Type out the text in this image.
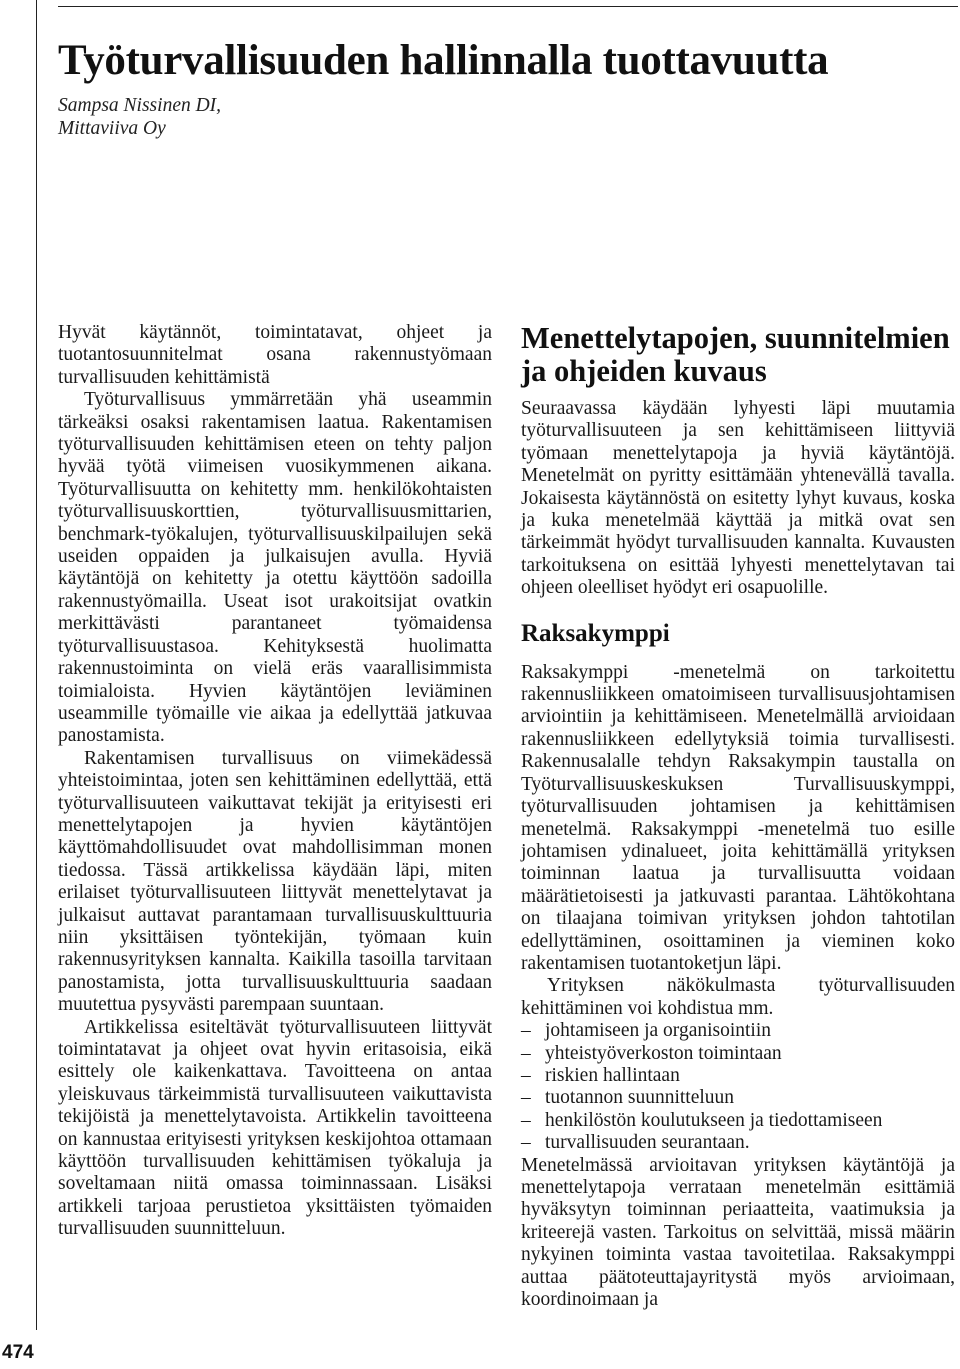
474
Työturvallisuuden hallinnalla tuottavuutta
Sampsa Nissinen DI,
Mittaviiva Oy

Hyvät käytännöt, toimintatavat, ohjeet ja tuotantosuunnitelmat osana rakennustyömaan turvallisuuden kehittämistä

Työturvallisuus ymmärretään yhä useammin tärkeäksi osaksi rakentamisen laatua. Rakentamisen työturvallisuuden kehittämisen eteen on tehty paljon hyvää työtä viimeisen vuosikymmenen aikana. Työturvallisuutta on kehitetty mm. henkilökohtaisten työturvallisuuskorttien, työturvallisuusmittarien, benchmark-työkalujen, työturvallisuuskilpailujen sekä useiden oppaiden ja julkaisujen avulla. Hyviä käytäntöjä on kehitetty ja otettu käyttöön sadoilla rakennustyömailla. Useat isot urakoitsijat ovatkin merkittävästi parantaneet työmaidensa työturvallisuustasoa. Kehityksestä huolimatta rakennustoiminta on vielä eräs vaarallisimmista toimialoista. Hyvien käytäntöjen leviäminen useammille työmaille vie aikaa ja edellyttää jatkuvaa panostamista.

Rakentamisen turvallisuus on viimekädessä yhteistoimintaa, joten sen kehittäminen edellyttää, että työturvallisuuteen vaikuttavat tekijät ja erityisesti eri menettelytapojen ja hyvien käytäntöjen käyttömahdollisuudet ovat mahdollisimman monen tiedossa. Tässä artikkelissa käydään läpi, miten erilaiset työturvallisuuteen liittyvät menettelytavat ja julkaisut auttavat parantamaan turvallisuuskulttuuria niin yksittäisen työntekijän, työmaan kuin rakennusyrityksen kannalta. Kaikilla tasoilla tarvitaan panostamista, jotta turvallisuuskulttuuria saadaan muutettua pysyvästi parempaan suuntaan.

Artikkelissa esiteltävät työturvallisuuteen liittyvät toimintatavat ja ohjeet ovat hyvin eritasoisia, eikä esittely ole kaikenkattava. Tavoitteena on antaa yleiskuvaus tärkeimmistä turvallisuuteen vaikuttavista tekijöistä ja menettelytavoista. Artikkelin tavoitteena on kannustaa erityisesti yrityksen keskijohtoa ottamaan käyttöön turvallisuuden kehittämisen työkaluja ja soveltamaan niitä omassa toiminnassaan. Lisäksi artikkeli tarjoaa perustietoa yksittäisten työmaiden turvallisuuden suunnitteluun.

Menettelytapojen, suunnitelmien ja ohjeiden kuvaus

Seuraavassa käydään lyhyesti läpi muutamia työturvallisuuteen ja sen kehittämiseen liittyviä työmaan menettelytapoja ja hyviä käytäntöjä. Menetelmät on pyritty esittämään yhtenevällä tavalla. Jokaisesta käytännöstä on esitetty lyhyt kuvaus, koska ja kuka menetelmää käyttää ja mitkä ovat sen tärkeimmät hyödyt turvallisuuden kannalta. Kuvausten tarkoituksena on esittää lyhyesti menettelytavan tai ohjeen oleelliset hyödyt eri osapuolille.

Raksakymppi

Raksakymppi -menetelmä on tarkoitettu rakennusliikkeen omatoimiseen turvallisuusjohtamisen arviointiin ja kehittämiseen. Menetelmällä arvioidaan rakennusliikkeen edellytyksiä toimia turvallisesti. Rakennusalalle tehdyn Raksakympin taustalla on Työturvallisuuskeskuksen Turvallisuuskymppi, työturvallisuuden johtamisen ja kehittämisen menetelmä. Raksakymppi -menetelmä tuo esille johtamisen ydinalueet, joita kehittämällä yrityksen toiminnan laatua ja turvallisuutta voidaan määrätietoisesti ja jatkuvasti parantaa. Lähtökohtana on tilaajana toimivan yrityksen johdon tahtotilan edellyttäminen, osoittaminen ja vieminen koko rakentamisen tuotantoketjun läpi.

Yrityksen näkökulmasta työturvallisuuden kehittäminen voi kohdistua mm.

– johtamiseen ja organisointiin
– yhteistyöverkoston toimintaan
– riskien hallintaan
– tuotannon suunnitteluun
– henkilöstön koulutukseen ja tiedottamiseen
– turvallisuuden seurantaan.

Menetelmässä arvioitavan yrityksen käytäntöjä ja menettelytapoja verrataan menetelmän esittämiä hyväksytyn toiminnan periaatteita, vaatimuksia ja kriteerejä vasten. Tarkoitus on selvittää, missä määrin nykyinen toiminta vastaa tavoitetilaa. Raksakymppi auttaa päätoteuttajayritystä myös arvioimaan, koordinoimaan ja
